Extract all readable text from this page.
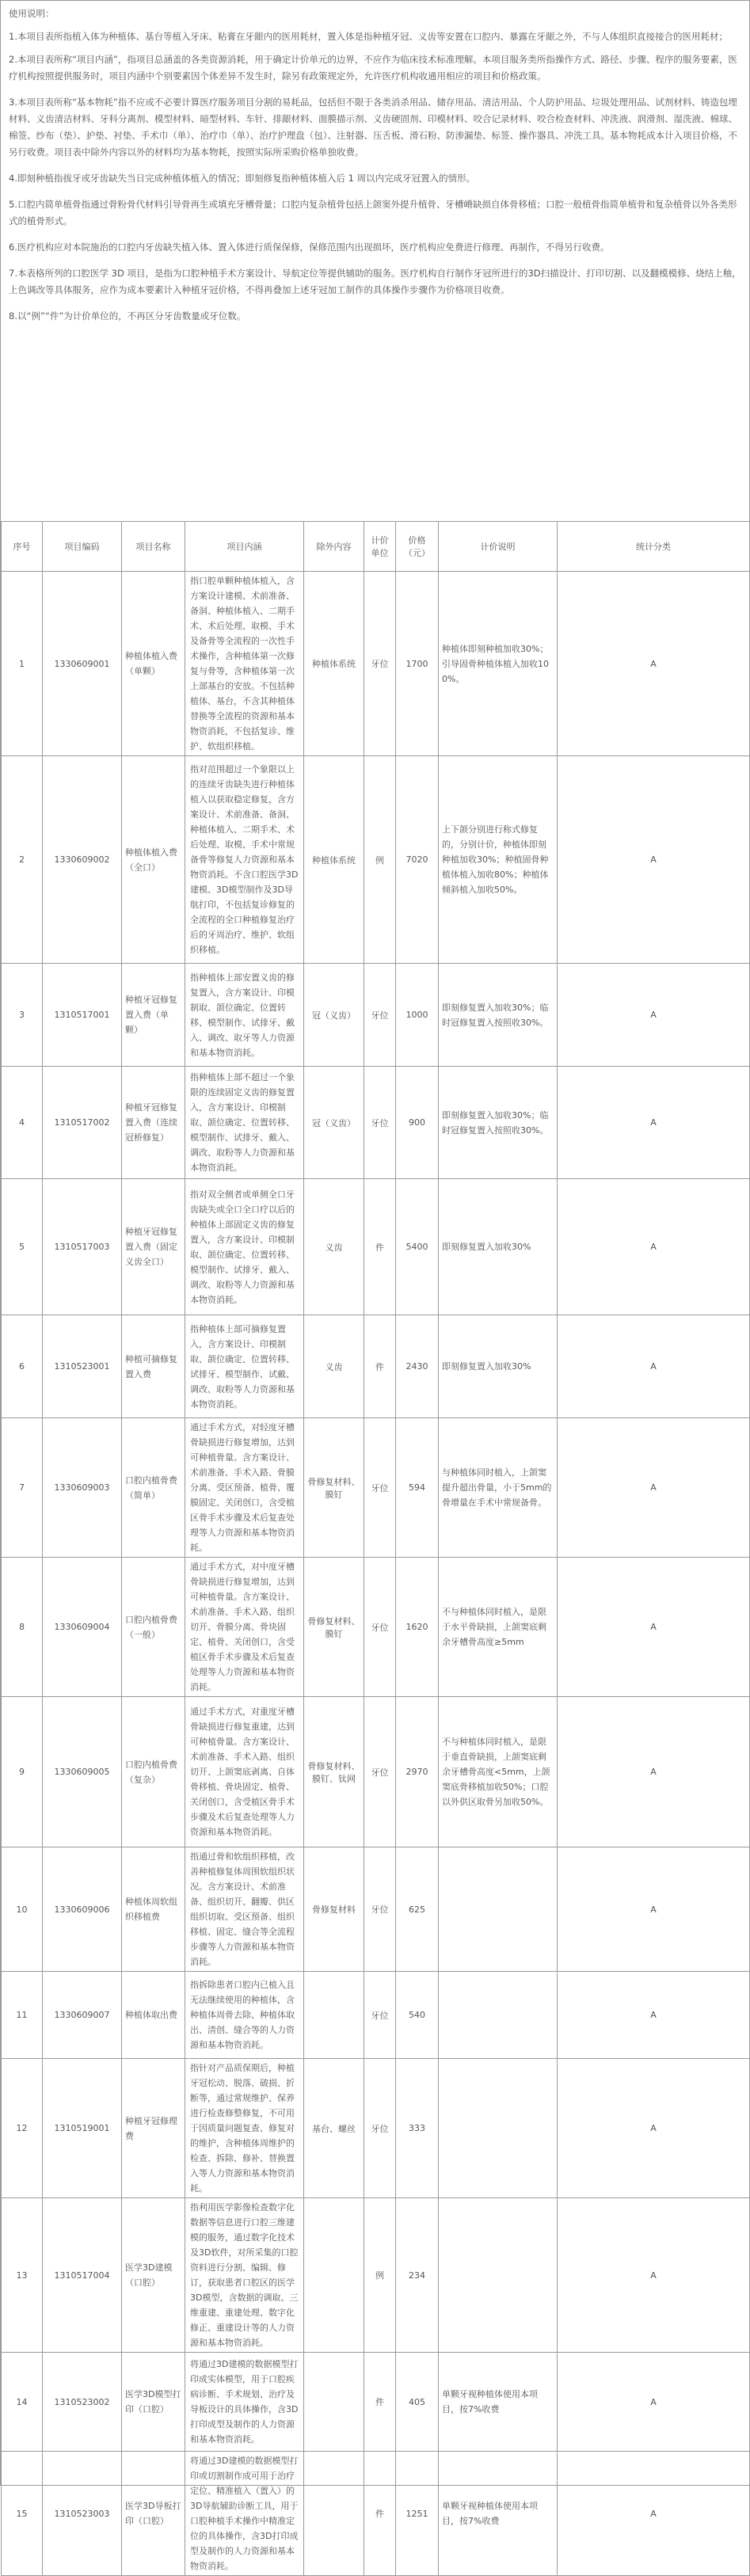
使用说明：

1.本项目表所指植入体为种植体、基台等植入牙床、粘膏在牙龈内的医用耗材，置入体是指种植牙冠、义齿等安置在口腔内、暴露在牙龈之外，不与人体组织直接接合的医用耗材；

2.本项目表所称“项目内涵”，指项目总涵盖的各类资源消耗，用于确定计价单元的边界，不应作为临床技术标准理解。本项目服务类所指操作方式、路径、步骤、程序的服务要素，医疗机构按照提供服务时，项目内涵中个别要素因个体差异不发生时，除另有政策规定外，允许医疗机构收通用相应的项目和价格政策。

3.本项目表所称“基本物耗”指不应或不必要计算医疗服务项目分割的易耗品，包括但不限于各类消杀用品、储存用品、清洁用品、个人防护用品、垃圾处理用品、试剂材料、铸造包埋材料、义齿清洁材料、牙科分离剂、模型材料、暗型材料、车针、排龈材料、面膜描示剂、义齿硬固剂、印模材料、咬合记录材料、咬合检查材料、冲洗液、润滑剂、湿洗液、棉球、棉签、纱布（垫）、护垫、衬垫、手术巾（单）、治疗巾（单）、治疗护理盘（包）、注射器、压舌板、滑石粉、防渗漏垫、标签、操作器具、冲洗工具。基本物耗成本计入项目价格，不另行收费。项目表中除外内容以外的材料均为基本物耗，按照实际所采购价格单独收费。

4.即刻种植指拔牙或牙齿缺失当日完成种植体植入的情况；即刻修复指种植体植入后 1 周以内完成牙冠置入的情形。

5.口腔内简单植骨指通过骨粉骨代材料引导骨再生或填充牙槽骨量；口腔内复杂植骨包括上颌窦外提升植骨、牙槽嵴缺损自体骨移植；口腔一般植骨指简单植骨和复杂植骨以外各类形式的植骨形式。

6.医疗机构应对本院施治的口腔内牙齿缺失植入体、置入体进行质保保修，保修范围内出现损坏，医疗机构应免费进行修理、再制作，不得另行收费。

7.本表格所列的口腔医学 3D 项目，是指为口腔种植手术方案设计、导航定位等提供辅助的服务。医疗机构自行制作牙冠所进行的3D扫描设计、打印切割、以及翻模模修、烧结上釉，上色调改等具体服务，应作为成本要素计入种植牙冠价格，不得再叠加上述牙冠加工制作的具体操作步骤作为价格项目收费。

8.以“例”“件”为计价单位的，不再区分牙齿数量或牙位数。

序号	项目编码	项目名称	项目内涵	除外内容	计价单位	价格（元）	计价说明	统计分类
1	1330609001	种植体植入费（单颗）	指口腔单颗种植体植入，含方案设计建模、术前准备、备洞、种植体植入、二期手术、术后处理、取模、手术及备骨等全流程的一次性手术操作，含种植体第一次修复与骨等，含种植体第一次上部基台的安放。不包括种植体、基台，不含其种植体替换等全流程的资源和基本物资消耗，不包括复诊、维护、软组织移植。	种植体系统	牙位	1700	种植体即刻种植加收30%；引导固骨种植体植入加收100%。	A
2	1330609002	种植体植入费（全口）	指对范围超过一个象限以上的连续牙齿缺失进行种植体植入以获取稳定修复，含方案设计、术前准备、备洞、种植体植入、二期手术、术后处理、取模、手术中常规备骨等修复人力资源和基本物资消耗。不含口腔医学3D建模、3D模型制作及3D导航打印，不包括复诊修复的全流程的全口种植修复治疗后的牙周治疗、维护、软组织移植。	种植体系统	例	7020	上下颌分别进行称式修复的，分别计价，种植体即刻种植加收30%；种植固骨种植体植入加收80%；种植体倾斜植入加收50%。	A
3	1310517001	种植牙冠修复置入费（单颗）	指种植体上部安置义齿的修复置入，含方案设计、印模制取、颌位确定、位置转移、模型制作、试排牙、戴入、调改、取牙等人力资源和基本物资消耗。	冠（义齿）	牙位	1000	即刻修复置入加收30%；临时冠修复置入按照收30%。	A
4	1310517002	种植牙冠修复置入费（连续冠桥修复）	指种植体上部不超过一个象限的连续固定义齿的修复置入，含方案设计、印模制取、颌位确定、位置转移、模型制作、试排牙、戴入、调改、取粉等人力资源和基本物资消耗。	冠（义齿）	牙位	900	即刻修复置入加收30%；临时冠修复置入按照收30%。	A
5	1310517003	种植牙冠修复置入费（固定义齿全口）	指对双全侧者或单侧全口牙齿缺失或全口全口疗以后的种植体上部固定义齿的修复置入，含方案设计、印模制取、颌位确定、位置转移、模型制作、试排牙、戴入、调改、取粉等人力资源和基本物资消耗。	义齿	件	5400	即刻修复置入加收30%	A
6	1310523001	种植可摘修复置入费	指种植体上部可摘修复置入，含方案设计、印模制取、颌位确定、位置转移、试排牙、模型制作、试戴、调改、取粉等人力资源和基本物资消耗。	义齿	件	2430	即刻修复置入加收30%	A
7	1330609003	口腔内植骨费（简单）	通过手术方式，对轻度牙槽骨缺损进行修复增加，达到可种植骨量。含方案设计、术前准备、手术入路、骨膜分离、受区预备、植骨、覆膜固定、关闭创口，含受植区骨手术步骤及术后复查处理等人力资源和基本物资消耗。	骨修复材料、膜钉	牙位	594	与种植体同时植入，上颌窦提升超出骨量，小于5mm的骨增量在手术中常规备骨。	A
8	1330609004	口腔内植骨费（一般）	通过手术方式，对中度牙槽骨缺损进行修复增加，达到可种植骨量。含方案设计、术前准备、手术入路、组织切开、骨膜分离、骨块固定、植骨、关闭创口，含受植区骨手术步骤及术后复查处理等人力资源和基本物资消耗。	骨修复材料、膜钉	牙位	1620	不与种植体同时植入，是限于水平骨缺损，上颌窦底剩余牙槽骨高度≥5mm	A
9	1330609005	口腔内植骨费（复杂）	通过手术方式，对重度牙槽骨缺损进行修复重建，达到可种植骨量。含方案设计、术前准备、手术入路、组织切开、上颌窦底剥离、自体骨移植、骨块固定、植骨、关闭创口，含受植区骨手术步骤及术后复查处理等人力资源和基本物资消耗。	骨修复材料、膜钉、钛网	牙位	2970	不与种植体同时植入，是限于垂直骨缺损，上颌窦底剩余牙槽骨高度<5mm，上颌窦底骨移植加收50%；口腔以外供区取骨另加收50%。	A
10	1330609006	种植体周软组织移植费	指通过骨和软组织移植，改善种植修复体周围软组织状况。含方案设计、术前准备、组织切开、翻瓣、供区组织切取、受区预备、组织移植、固定、缝合等全流程步骤等人力资源和基本物资消耗。	骨修复材料	牙位	625		A
11	1330609007	种植体取出费	指拆除患者口腔内已植入且无法继续使用的种植体，含种植体周骨去除、种植体取出、清创、缝合等的人力资源和基本物资消耗。		牙位	540		A
12	1310519001	种植牙冠修理费	指针对产品质保期后，种植牙冠松动、脱落、破损、折断等，通过常规维护、保养进行检查修整修复，不可用于因质量问题复查、修复对的维护，含种植体周维护的检查、拆除、修补、替换置入等人力资源和基本物资消耗。	基台、螺丝	牙位	333		A
13	1310517004	医学3D建模（口腔）	指利用医学影像检查数字化数据等信息进行口腔三维建模的服务，通过数字化技术及3D软件，对所采集的口腔资料进行分割、编辑、修订，获取患者口腔区的医学3D模型，含数据的调取、三维重建、重建处理、数字化修正、重建设计等的人力资源和基本物资消耗。		例	234		A
14	1310523002	医学3D模型打印（口腔）	将通过3D建模的数据模型打印成实体模型，用于口腔疾病诊断、手术规划、治疗及导板设计的具体操作，含3D打印成型及制作的人力资源和基本物资消耗。		件	405	单颗牙视种植体使用本项目，按7%收费	A
15	1310523003	医学3D导板打印（口腔）	将通过3D建模的数据模型打印或切割制作成可用于治疗定位、精准植入（置入）的3D导航辅助诊断工具，用于口腔种植手术操作中精准定位的具体操作，含3D打印成型及制作的人力资源和基本物资消耗。		件	1251	单颗牙视种植体使用本项目，按7%收费	A
